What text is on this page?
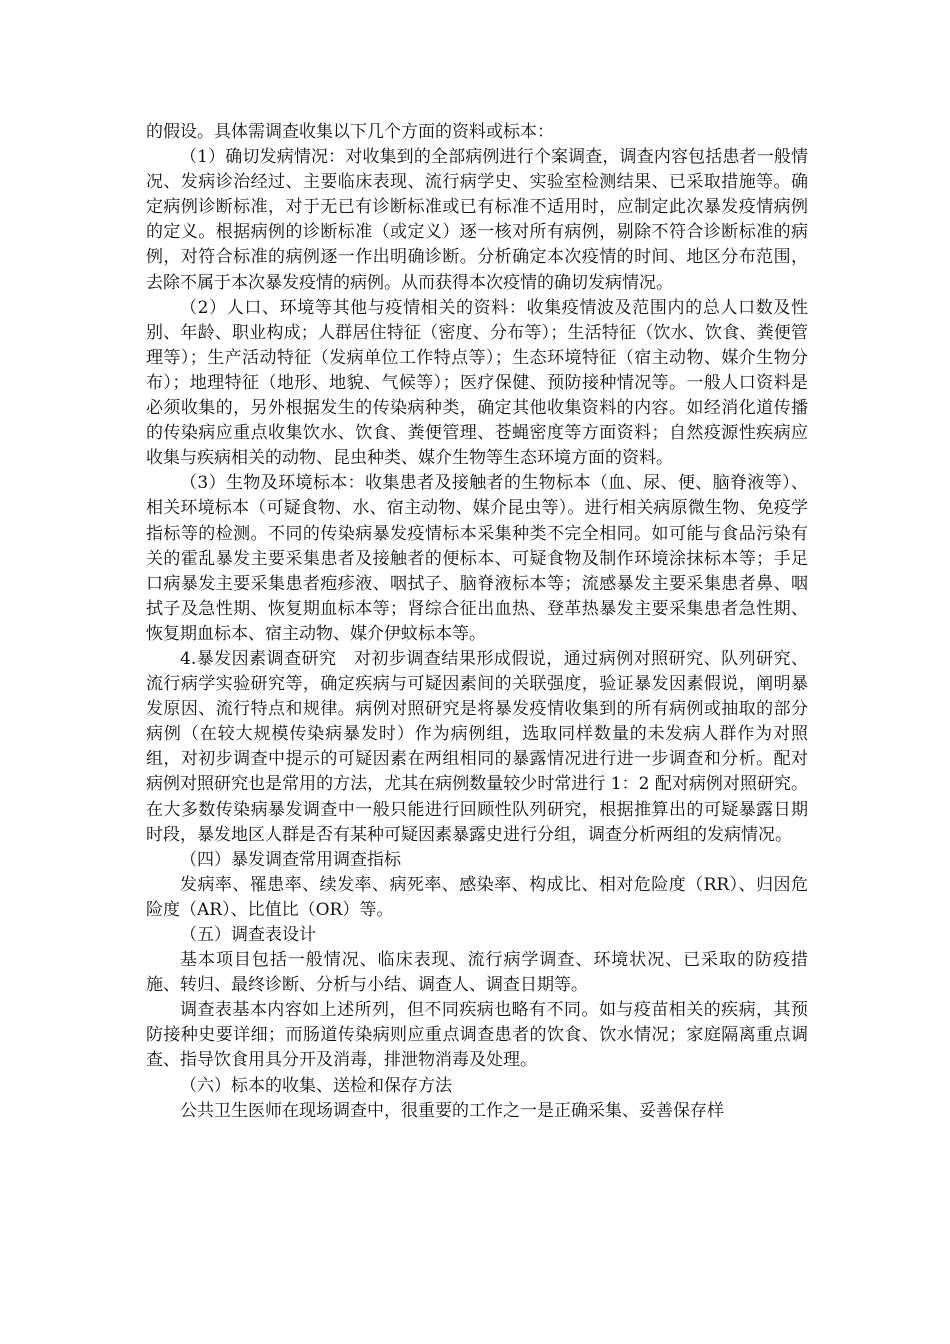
的假设。具体需调查收集以下几个方面的资料或标本：

（1）确切发病情况：对收集到的全部病例进行个案调查，调查内容包括患者一般情况、发病诊治经过、主要临床表现、流行病学史、实验室检测结果、已采取措施等。确定病例诊断标准，对于无已有诊断标准或已有标准不适用时，应制定此次暴发疫情病例的定义。根据病例的诊断标准（或定义）逐一核对所有病例，剔除不符合诊断标准的病例，对符合标准的病例逐一作出明确诊断。分析确定本次疫情的时间、地区分布范围，去除不属于本次暴发疫情的病例。从而获得本次疫情的确切发病情况。

（2）人口、环境等其他与疫情相关的资料：收集疫情波及范围内的总人口数及性别、年龄、职业构成；人群居住特征（密度、分布等）；生活特征（饮水、饮食、粪便管理等）；生产活动特征（发病单位工作特点等）；生态环境特征（宿主动物、媒介生物分布）；地理特征（地形、地貌、气候等）；医疗保健、预防接种情况等。一般人口资料是必须收集的，另外根据发生的传染病种类，确定其他收集资料的内容。如经消化道传播的传染病应重点收集饮水、饮食、粪便管理、苍蝇密度等方面资料；自然疫源性疾病应收集与疾病相关的动物、昆虫种类、媒介生物等生态环境方面的资料。

（3）生物及环境标本：收集患者及接触者的生物标本（血、尿、便、脑脊液等）、相关环境标本（可疑食物、水、宿主动物、媒介昆虫等）。进行相关病原微生物、免疫学指标等的检测。不同的传染病暴发疫情标本采集种类不完全相同。如可能与食品污染有关的霍乱暴发主要采集患者及接触者的便标本、可疑食物及制作环境涂抹标本等；手足口病暴发主要采集患者疱疹液、咽拭子、脑脊液标本等；流感暴发主要采集患者鼻、咽拭子及急性期、恢复期血标本等；肾综合征出血热、登革热暴发主要采集患者急性期、恢复期血标本、宿主动物、媒介伊蚊标本等。

4.暴发因素调查研究　对初步调查结果形成假说，通过病例对照研究、队列研究、流行病学实验研究等，确定疾病与可疑因素间的关联强度，验证暴发因素假说，阐明暴发原因、流行特点和规律。病例对照研究是将暴发疫情收集到的所有病例或抽取的部分病例（在较大规模传染病暴发时）作为病例组，选取同样数量的未发病人群作为对照组，对初步调查中提示的可疑因素在两组相同的暴露情况进行进一步调查和分析。配对病例对照研究也是常用的方法，尤其在病例数量较少时常进行 1：2 配对病例对照研究。在大多数传染病暴发调查中一般只能进行回顾性队列研究，根据推算出的可疑暴露日期时段，暴发地区人群是否有某种可疑因素暴露史进行分组，调查分析两组的发病情况。

（四）暴发调查常用调查指标

发病率、罹患率、续发率、病死率、感染率、构成比、相对危险度（RR）、归因危险度（AR）、比值比（OR）等。

（五）调查表设计

基本项目包括一般情况、临床表现、流行病学调查、环境状况、已采取的防疫措施、转归、最终诊断、分析与小结、调查人、调查日期等。

调查表基本内容如上述所列，但不同疾病也略有不同。如与疫苗相关的疾病，其预防接种史要详细；而肠道传染病则应重点调查患者的饮食、饮水情况；家庭隔离重点调查、指导饮食用具分开及消毒，排泄物消毒及处理。

（六）标本的收集、送检和保存方法

公共卫生医师在现场调查中，很重要的工作之一是正确采集、妥善保存样
